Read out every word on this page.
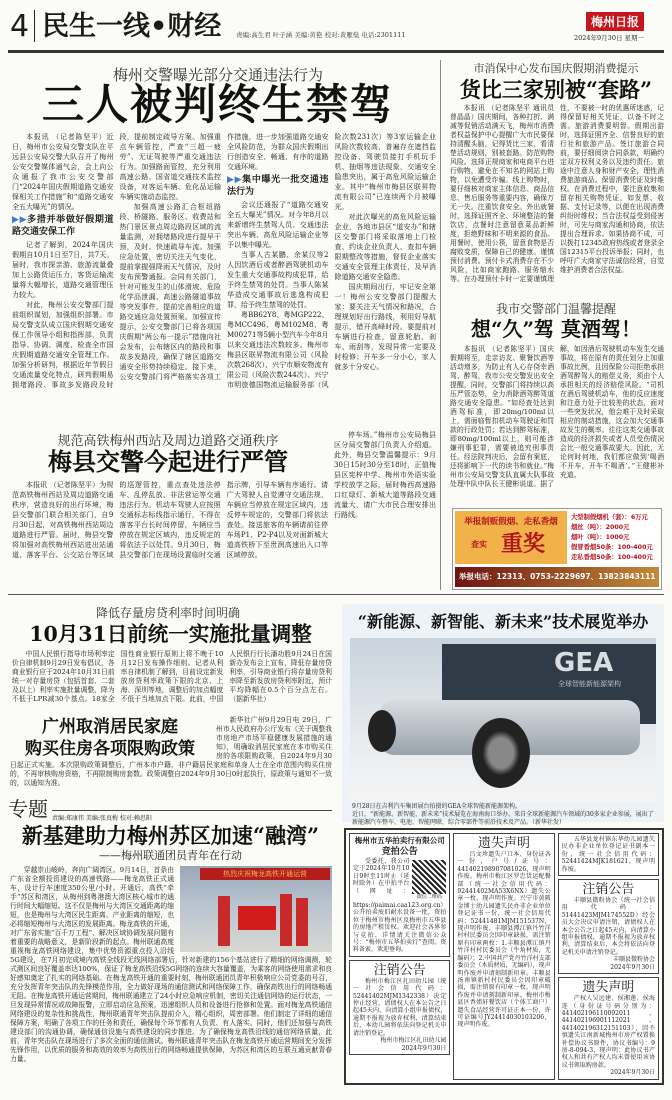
4 民生一线•财经 责编:高生君 叶子涵 美编:黄艳 校对:黄雁燊 电话:2301111
梅州日报
2024年9月30日 星期一
梅州交警曝光部分交通违法行为
三人被判终生禁驾

本报讯 （记者陈坚平）近日，梅州市公安局交警支队在平远县公安局交警大队召开了梅州公安交警媒体通气会，会上向公众通报了我市公安交警部门“2024年国庆假期道路交通安保相关工作措施”和“道路交通安全五大曝光”的情况。

▶▶多措并举做好假期道路交通安保工作

记者了解到，2024年国庆假期自10月1日至7日，共7天。届时，我市探亲游、旅游流量叠加上公路货运压力，客货运输流量将大幅增长，道路交通管理压力较大。

对此，梅州公安交警部门提前组织谋划，加强组织部署。市局交警支队成立国庆假期交通安保工作领导小组和指挥部，负责指导、协调、调度、检查全市国庆假期道路交通安全管理工作。加强分析研判，根据近年节假日交通流量变化特点，研判假期易拥堵路段、事故多发路段及时段，提前制定疏导方案。加强重点车辆管控，严查“三超一疲劳”、无证驾驶等严重交通违法行为。加强路面管控，充分利用高速公路、国省道交通技术监控设备，对客运车辆、危化品运输车辆实施动态监控。

加强高速公路汇合枢纽路段、桥隧路、服务区、收费站和热门景区景点周边路段区域的流量监测，对拥堵路段进行提早干预，及时、快速疏导车流。加强应急处置，密切关注天气变化，提前掌握强降雨天气情况，及时发布预警通报。会同有关部门，针对可能发生的山体滑坡、危险化学品泄漏、高速公路隧道事故等突发事件，提前完善相应的道路交通应急处置预案。加强宣传提示，公安交警部门已将各项国庆假期“两公布一提示”措施向社会发布，公布辖区内的路段和事故多发路段，确保了辖区道路交通安全形势持续稳定。接下来，公安交警部门将严格落实各项工作措施，进一步加强道路交通安全风险防范，为群众国庆假期出行创造安全、畅通、有序的道路交通环境。

▶▶集中曝光一批交通违法行为

会议还通报了“道路交通安全五大曝光”情况。对今年8月以来新增终生禁驾人员、交通违法突出车辆、高危风险运输企业等予以集中曝光。

当事人古某鹏、余某汉等2人因饮酒后或者醉酒驾驶机动车发生重大交通事故构成犯罪，给予终生禁驾的处罚。当事人陈某华造成交通事故后逃逸构成犯罪，给予终生禁驾的处罚。

粤BB62Y8、粤MGP222、粤MCC496、粤M102M8、粤M00271等5辆小型汽车今年8月以来交通违法次数较多。梅州市梅县区联昇物流有限公司（风险次数268次）、兴宁市顺安物流有限公司（风险次数244次）、兴宁市明旅德国物流运输服务部（风险次数231次）等3家运输企业风险次数较高，普遍存在遮挡监控设备、驾驶员接打手机玩手机、抽烟等违法现象，交通安全隐患突出，属于高危风险运输企业。其中“梅州市梅县区联昇物流有限公司”已连续两个月被曝光。

对此次曝光的高危风险运输企业，各地市县区“道安办”和辖区交警部门将采取落地上门检查、约谈企业负责人、查扣车辆限期整改等措施，督促企业落实交通安全管理主体责任，及早消除道路交通安全隐患。

国庆期间出行，牢记安全第一！梅州公安交警部门提醒大家：要关注天气情况和路况，合理规划好出行路线，利用好导航提示，错开高峰时段。要提前对车辆进行检查，留意轮胎、刹车、雨刮等，发现异常一定要及时检修；开车多一分小心，家人就多十分安心。

规范高铁梅州西站及周边道路交通秩序
梅县交警今起进行严管

停车场。”梅州市公安局梅县区分局交警部门负责人介绍道。此外，梅县交警温馨提示：9月30日15时30分至18时，正值梅县区宪梓中学、梅州市外语实验学校放学之际，届时梅西高速路口红绿灯、新城大道等路段交通流量大，请广大市民合理安排出行路线。

本报讯 （记者陈坚平）为规范高铁梅州西站及周边道路交通秩序，营造良好的出行环境，梅县交警部门联合相关部门，自9月30日起，对高铁梅州西站周边道路进行严管。届时，梅县交警将加强对高铁梅州西站进出站通道、落客平台、公交站台等区域的巡逻管控，重点查处违法停车、乱停乱放、非法营运等交通违法行为。机动车驾驶人应按照交通标志标线指示通行，不得在落客平台长时间停留，车辆应当停放在规定区域内，违反规定的将依法予以处罚。9月30日，梅县交警部门在现场设置临时交通指示牌，引导车辆有序通行。请广大驾驶人自觉遵守交通法规，车辆应当停放在规定区域内，违反停车规定的，交警部门将依法查处。接送旅客的车辆请前往停车场P1、P2-P4以及对面新城大道高铁桥下至贵润高速出入口等区域停放。

市消保中心发布国庆假期消费提示
货比三家别被“套路”

本报讯 （记者陈坚平 通讯员曾晶晶）国庆期间，各种打折、满减等促销活动满天飞，梅州市消费者权益保护中心提醒广大市民要保持清醒头脑，记得货比三家，看清楚活动规则，别被套路。防范购物风险。选择正规商家和电商平台进行购物，避免在不知名的网站上购物，以免遭受诈骗。线上购物时，要仔细核对商家主体信息、商品信息、售后服务等重要内容，确保万无一失。注重饮食安全。外出就餐时，选择证照齐全、环境整洁的餐饮店，点餐时注意留意菜品新鲜度，拒绝野味和不明来源的食品。用餐时，使用公筷，留意食物是否腐败变质，保障自己的健康。谨慎预付消费。预付卡式消费存在不少风险，比如商家跑路、服务缩水等。在办理预付卡时一定要谨慎理性，不要被一时的优惠所迷惑，记得保留好相关凭证，以备不时之需。旅游消费要明智。假期出游时，选择证照齐全、信誉良好的旅行社和旅游产品。签订旅游合同前，要仔细阅读合同条款，明确约定双方权利义务以及违约责任。旅途中注意人身和财产安全，理性消费旅游商品。保留消费凭证及时维权。在消费过程中，要注意收集和留存相关购物凭证，如发票、收据、支付记录等，以便在出现消费纠纷时维权；当合法权益受到侵害时，可先与商家沟通和协商，依法提出合理诉求。如果协商不成，可以拨打12345政府热线或者登录全国12315平台投诉举报；同时，也呼吁广大商家守法诚信经营，自觉维护消费者合法权益。

我市交警部门温馨提醒
想“久”驾 莫酒驾！

本报讯 （记者陈坚平）国庆假期将至，走亲访友、聚餐饮酒等活动增多，为防止有人心存侥幸酒驾、醉驾，我市公安交警发出安全提醒，同时，交警部门将持续以高压严管态势，全力消除酒驾醉驾道路交通安全隐患。“如经查处达到酒驾标准，即20mg/100ml以上，需面临暂扣机动车驾驶证和罚款的行政处罚；若达到醉驾标准，即80mg/100ml以上，则可能涉嫌刑事犯罪，需要被追究刑事责任。经法院判决后，会留有案底，还将影响下一代的读书和就业。”梅州市公安局交警支队直属大队事故处理中队中队长王健彬说道。据了解，如因酒后驾驶机动车发生交通事故，将在原有的责任划分上加重事故比例，且因保险公司拒绝承担酒驾醉驾人的赔偿义务，须由个人承担相关的经济赔偿风险。“司机在酒后驾驶机动车，他的反应速度和注意力处于比较差的状态，面对一些突发状况，他会难于及时采取相应的制动措施，这会加大交通事故发生的概率。往往这类交通事故造成的经济损失或者人员受伤情况会比一般交通事故要大。因此，无论何时何地，我们都应做到‘喝酒不开车，开车不喝酒’。”王健彬补充道。

举报制贩假烟、走私香烟
查实 重奖
大型制假烟机（套）：6万元
烟丝（吨）：2000元
烟叶（吨）：1000元
假冒香烟50条：100-400元
走私香烟50条：100-400元
举报电话：12313、0753-2229697、13823843111
降低存量房贷利率时间明确
10月31日前统一实施批量调整

中国人民银行指导市场利率定价自律机制9月29日发布倡议，各商业银行应于2024年10月31日前统一对存量房贷（包括首套、二套及以上）利率实施批量调整，降为不低于LPR减30个基点。18家全国性商业银行原则上将不晚于10月12日发布操作细则。记者从利率自律机制了解到，目前设定新发放房贷利率政策下限的北京、上海、深圳等地，调整后的加点幅度不低于当地加点下限。此前，中国人民银行行长潘功胜9月24日在国新办发布会上宣布，降低存量房贷利率，引导商业银行将存量房贷利率降至新发放房贷利率附近，预计平均降幅在0.5个百分点左右。 （据新华社）

广州取消居民家庭
购买住房各项限购政策

新华社广州9月29日电 29日，广州市人民政府办公厅发布《关于调整我市房地产市场平稳健康发展措施的通知》，明确取消居民家庭在本市购买住房的各项限购政策，自2024年9月30日起正式实施。本次限购政策调整后，广州本市户籍、非户籍居民家庭和单身人士在全市范围内购买住房的，不再审核购房资格，不再限制购房套数。政策调整自2024年9月30日0时起执行，原政策与通知不一致的，以通知为准。

“新能源、新智能、新未来”技术展览举办
GEA
全球智能新能源架构
9月28日在吉利汽车集团展台拍摄的GEA全球智能新能源架构。
近日，“新能源、新智能、新未来”技术展览在海南海口举办。来自全球新能源汽车领域的30多家企业参展，展出了新能源汽车整车、电池、智能网联、综合零部件等前沿技术及产品。（新华社发）
专题 责编:郑康伟 美编:张真梅 校对:赖思阳
新基建助力梅州苏区加速“融湾”
——梅州联通团员青年在行动
热烈庆祝梅龙高铁开通运营

穿越崇山峻岭，奔向广阔湾区。9月14日，首条由广东省全额投资建设的高速铁路——梅龙高铁正式通车，设计行车速度350公里/小时。开通后，高铁“牵手”苏区和湾区，从梅州到粤港澳大湾区核心城市的通行时间大幅缩短。这不仅是梅州与大湾区交通距离的缩短，也是梅州与大湾区民生距离、产业距离的缩短，也必将缩短梅州与大湾区的发展距离。梅龙高铁的开通，对广东省实施“百千万工程”、解决区域协调发展问题有着重要的战略意义，是新阶段新的起点。梅州联通高度重视梅龙高铁网络建设，集中优势资源重点投入沿线5G建设，在7月初完成境内高铁全线段无线网络部署后，针对新建的156个基站进行了精细的网络调测，轮式测区间良好覆盖率达100%，保证了梅龙高铁沿线5G网络的连续大容量覆盖，为乘客的网络使用需求和良好感知奠定了扎实的网络基础。在梅龙高铁开通的重要时刻，梅州联通团员青年积极响应公司党委的号召，充分发挥青年突击队的先锋模范作用，全力做好现场的通信测试和网络保障工作，确保高铁出行的网络畅通无阻。在梅龙高铁开通运营期间，梅州联通建立了24小时应急响应机制，密切关注通信网络的运行状态，一旦发现异常情况或故障报警，立即启动应急预案，迅速组织人员和设备进行抢修和处置。面对梅龙高铁通信网络建设的复杂性和挑战性，梅州联通青年突击队提前介入，精心组织，周密部署。他们制定了详细的通信保障方案，明确了各项工作的任务和责任，确保每个环节都有人负责、有人落实。同时，他们还加强与高铁建设部门的沟通协调，确保通信设施与高铁建设的同步推进。为了确保梅龙高铁沿线的通信网络质量，此前，青年突击队在现场进行了多次全面的通信测试。梅州联通青年突击队在梅龙高铁开通运营期间充分发挥先锋作用，以优质的服务和高效的效率为高铁出行的网络畅通提供保障，为苏区和湾区的互联互通贡献青春力量。

梅州市五华拍卖行有限公司
竞拍公告
微信二维码

受委托，我公司定于2024年10月10日9时至11时止（延时除外）在中拍平台（网址：https://paimai.caa123.org.cn）公开拍卖废旧耐水设备一批，资拍位于梅州市梅州区及梅州市五华县的房地产租赁权。欢迎社会各界参与竞拍，详情请关注微信公众号：“梅州市五华拍卖行”查阅。资料备索，欢迎垂询。

注销公告

梅州市梅江区扎田幼儿园（统一社会信用代码：52441402MJM1342338）决定停止经营，请债权人在本公告之日起45天内，向清算小组申报债权，逾期不报视为放弃权利，清算结束后，本幼儿园将依法向登记机关申请注销登记。

梅州市梅江区扎田幼儿园
2024年9月30日
遗失声明

吕文珍遗失户口本、身份证各一份，户号/证号：441402198907081026，现声明作废。梅州市梅江区罗忠货运配餐部（统一社会信用代码：92441402MA53X6NX）遗失公章一枚，现声明作废。兴宁市黄陂金博士幼儿园遗失民办非企业单位登记证书一份，统一社会信用代码：52441481MJM151537N，现声明作废。丰顺县潭江镇丹竹洋村村民委员会因印章缺损，需注销原有印章两枚：1.丰顺县潭江镇丹竹洋村村民委员会（牛角材质，无编码）；2.中国共产党丹竹洋村支部委员会（木质材质，无编码），现声明作废并申请刻制新印章。丰顺县汤南镇新村村民委员会因印章破损，需注销原有印章一枚，现声明作废并申请刻制新印章。梅州市梅县区香姐轩餐饮店（个体工商户）遗失食品经营许可证正本一份，许可证编号JY24414030103206，现声明作废。

五华县龙村镇东华幼儿园遗失民办非企业单位登记证书副本一份，统一社会信用代码：52441424MJK181621，现声明作废。

注销公告

丰顺县微粉协会（统一社会信用代码：51441423MJM174552D）经会员大会决议申请注销，请债权人在本会公告之日起45天内，向清算小组申报债权，逾期不报视为放弃权利，清算结束后，本会将依法向登记机关申请注销登记。

丰顺县微粉协会
2024年9月30日
遗失声明

产权人吴远建、侯湘莲、侯海连（身份证号码分别为：441402196110092011、441402196901112021、441402196312151103），因不慎遗失江南新城梅州市房产权置换补偿协议书原件，协议书编号：9房-8-094-3，现声明：此协议书产权人和共有产权人均未曾使用该协议书领取购房款。

2024年9月30日
